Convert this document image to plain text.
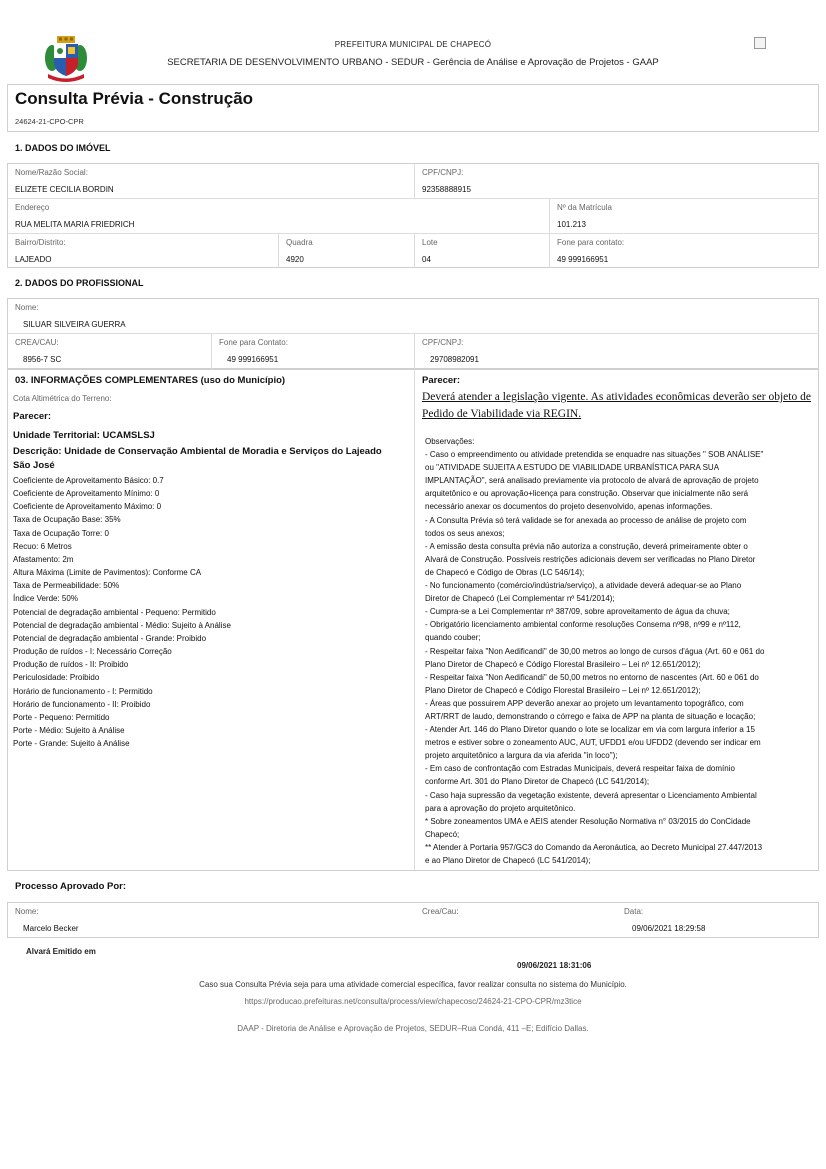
PREFEITURA MUNICIPAL DE CHAPECÓ
SECRETARIA DE DESENVOLVIMENTO URBANO - SEDUR - Gerência de Análise e Aprovação de Projetos - GAAP
Consulta Prévia - Construção
24624-21-CPO-CPR
1. DADOS DO IMÓVEL
Nome/Razão Social:
ELIZETE CECILIA BORDIN
CPF/CNPJ:
92358888915
Endereço
RUA MELITA MARIA FRIEDRICH
Nº da Matrícula
101.213
Bairro/Distrito:
LAJEADO
Quadra
4920
Lote
04
Fone para contato:
49 999166951
2. DADOS DO PROFISSIONAL
Nome:
SILUAR SILVEIRA GUERRA
CREA/CAU:
8956-7 SC
Fone para Contato:
49 999166951
CPF/CNPJ:
29708982091
03. INFORMAÇÕES COMPLEMENTARES (uso do Município)
Cota Altimétrica do Terreno:
Parecer:
Unidade Territorial: UCAMSLSJ
Descrição: Unidade de Conservação Ambiental de Moradia e Serviços do Lajeado São José
Coeficiente de Aproveitamento Básico: 0.7
Coeficiente de Aproveitamento Mínimo: 0
Coeficiente de Aproveitamento Máximo: 0
Taxa de Ocupação Base: 35%
Taxa de Ocupação Torre: 0
Recuo: 6 Metros
Afastamento: 2m
Altura Máxima (Limite de Pavimentos): Conforme CA
Taxa de Permeabilidade: 50%
Índice Verde: 50%
Potencial de degradação ambiental - Pequeno: Permitido
Potencial de degradação ambiental - Médio: Sujeito à Análise
Potencial de degradação ambiental - Grande: Proibido
Produção de ruídos - I: Necessário Correção
Produção de ruídos - II: Proibido
Periculosidade: Proibido
Horário de funcionamento - I: Permitido
Horário de funcionamento - II: Proibido
Porte - Pequeno: Permitido
Porte - Médio: Sujeito à Análise
Porte - Grande: Sujeito à Análise
Parecer:
Deverá atender a legislação vigente. As atividades econômicas deverão ser objeto de Pedido de Viabilidade via REGIN.
Observações:
- Caso o empreendimento ou atividade pretendida se enquadre nas situações " SOB ANÁLISE"
ou "ATIVIDADE SUJEITA A ESTUDO DE VIABILIDADE URBANÍSTICA PARA SUA
IMPLANTAÇÃO", será analisado previamente via protocolo de alvará de aprovação de projeto
arquitetônico e ou aprovação+licença para construção. Observar que inicialmente não será
necessário anexar os documentos do projeto desenvolvido, apenas informações.
- A Consulta Prévia só terá validade se for anexada ao processo de análise de projeto com
todos os seus anexos;
- A emissão desta consulta prévia não autoriza a construção, deverá primeiramente obter o
Alvará de Construção. Possíveis restrições adicionais devem ser verificadas no Plano Diretor
de Chapecó e Código de Obras (LC 546/14);
- No funcionamento (comércio/indústria/serviço), a atividade deverá adequar-se ao Plano
Diretor de Chapecó (Lei Complementar nº 541/2014);
- Cumpra-se a Lei Complementar nº 387/09, sobre aproveitamento de água da chuva;
- Obrigatório licenciamento ambiental conforme resoluções Consema nº98, nº99 e nº112,
quando couber;
- Respeitar faixa "Non Aedificandi" de 30,00 metros ao longo de cursos d'água (Art. 60 e 061 do
Plano Diretor de Chapecó e Código Florestal Brasileiro – Lei nº 12.651/2012);
- Respeitar faixa "Non Aedificandi" de 50,00 metros no entorno de nascentes (Art. 60 e 061 do
Plano Diretor de Chapecó e Código Florestal Brasileiro – Lei nº 12.651/2012);
- Áreas que possuirem APP deverão anexar ao projeto um levantamento topográfico, com
ART/RRT de laudo, demonstrando o córrego e faixa de APP na planta de situação e locação;
- Atender Art. 146 do Plano Diretor quando o lote se localizar em via com largura inferior a 15
metros e estiver sobre o zoneamento AUC, AUT, UFDD1 e/ou UFDD2 (devendo ser indicar em
projeto arquitetônico a largura da via aferida "in loco");
- Em caso de confrontação com Estradas Municipais, deverá respeitar faixa de domínio
conforme Art. 301 do Plano Diretor de Chapecó (LC 541/2014);
- Caso haja supressão da vegetação existente, deverá apresentar o Licenciamento Ambiental
para a aprovação do projeto arquitetônico.
* Sobre zoneamentos UMA e AEIS atender Resolução Normativa n° 03/2015 do ConCidade
Chapecó;
** Atender à Portaria 957/GC3 do Comando da Aeronáutica, ao Decreto Municipal 27.447/2013
e ao Plano Diretor de Chapecó (LC 541/2014);
Processo Aprovado Por:
Nome:
Marcelo Becker
Crea/Cau:	Data:
09/06/2021 18:29:58
Alvará Emitido em
09/06/2021 18:31:06
Caso sua Consulta Prévia seja para uma atividade comercial específica, favor realizar consulta no sistema do Município.
https://producao.prefeituras.net/consulta/process/view/chapecosc/24624-21-CPO-CPR/mz3tice
DAAP - Diretoria de Análise e Aprovação de Projetos, SEDUR–Rua Condá, 411 –E; Edifício Dallas.
